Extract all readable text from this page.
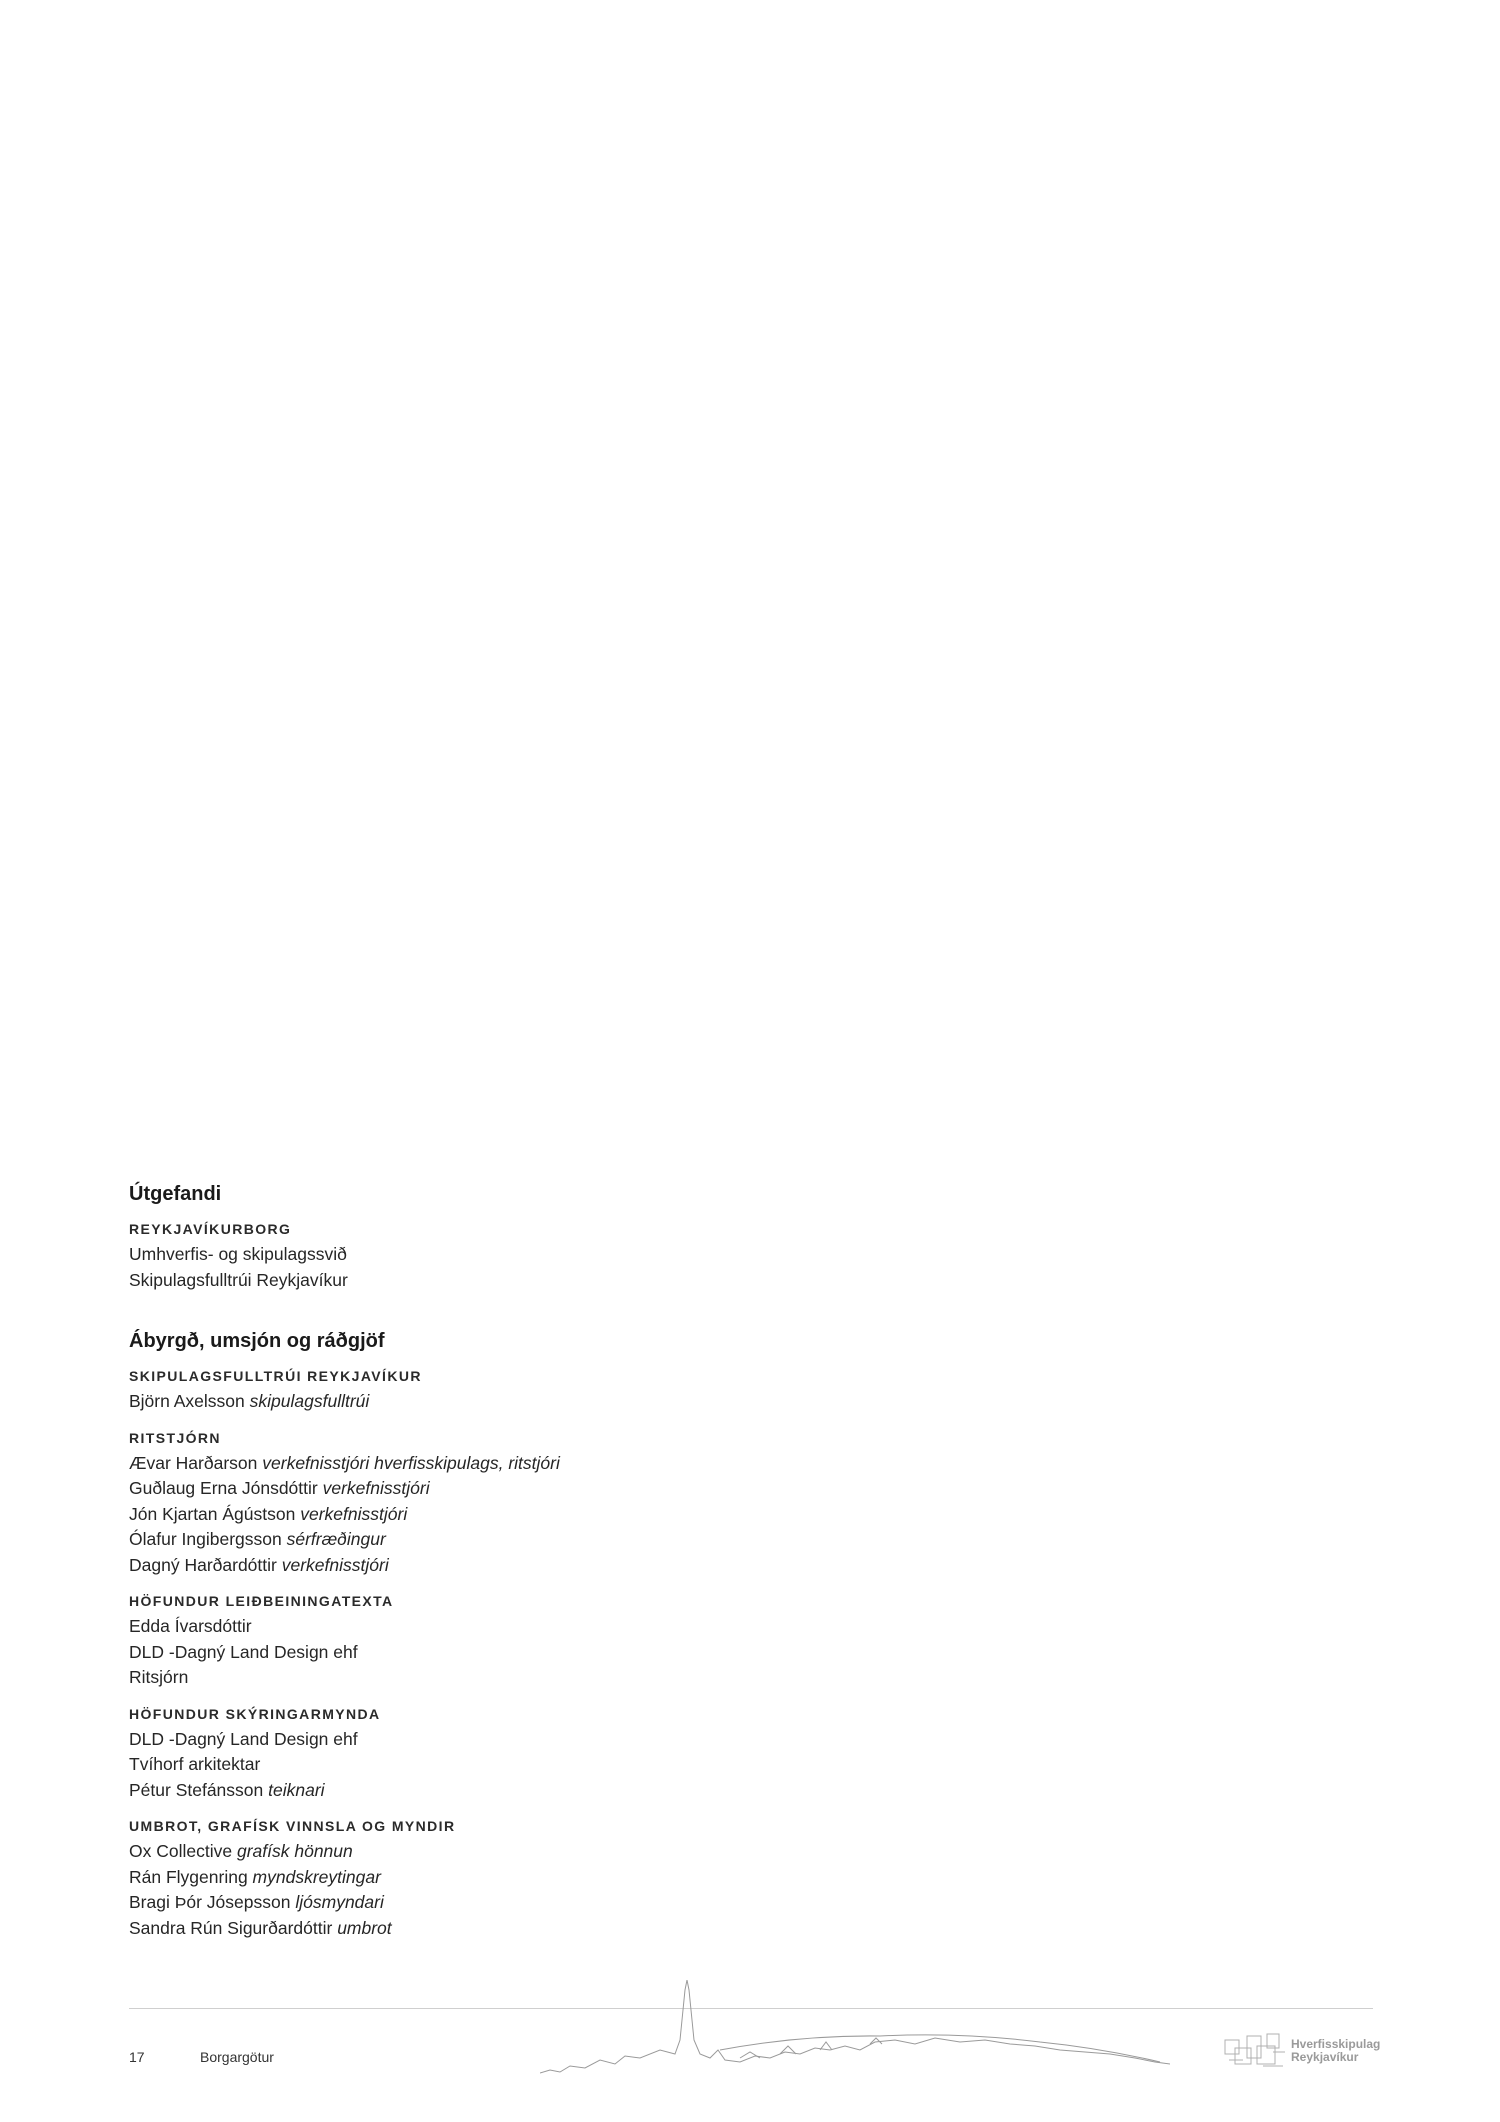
Útgefandi
REYKJAVÍKURBORG
Umhverfis- og skipulagssvið
Skipulagsfulltrúi Reykjavíkur
Ábyrgð, umsjón og ráðgjöf
SKIPULAGSFULLTRÚI REYKJAVÍKUR
Björn Axelsson skipulagsfulltrúi
RITSTJÓRN
Ævar Harðarson verkefnisstjóri hverfisskipulags, ritstjóri
Guðlaug Erna Jónsdóttir verkefnisstjóri
Jón Kjartan Ágústson verkefnisstjóri
Ólafur Ingibergsson sérfræðingur
Dagný Harðardóttir verkefnisstjóri
HÖFUNDUR LEIÐBEININGATEXTA
Edda Ívarsdóttir
DLD -Dagný Land Design ehf
Ritsjórn
HÖFUNDUR SKÝRINGARMYNDA
DLD -Dagný Land Design ehf
Tvíhorf arkitektar
Pétur Stefánsson teiknari
UMBROT, GRAFÍSK VINNSLA OG MYNDIR
Ox Collective grafísk hönnun
Rán Flygenring myndskreytingar
Bragi Þór Jósepsson ljósmyndari
Sandra Rún Sigurðardóttir umbrot
17	Borgargötur
Hverfisskipulag
Reykjavíkur
